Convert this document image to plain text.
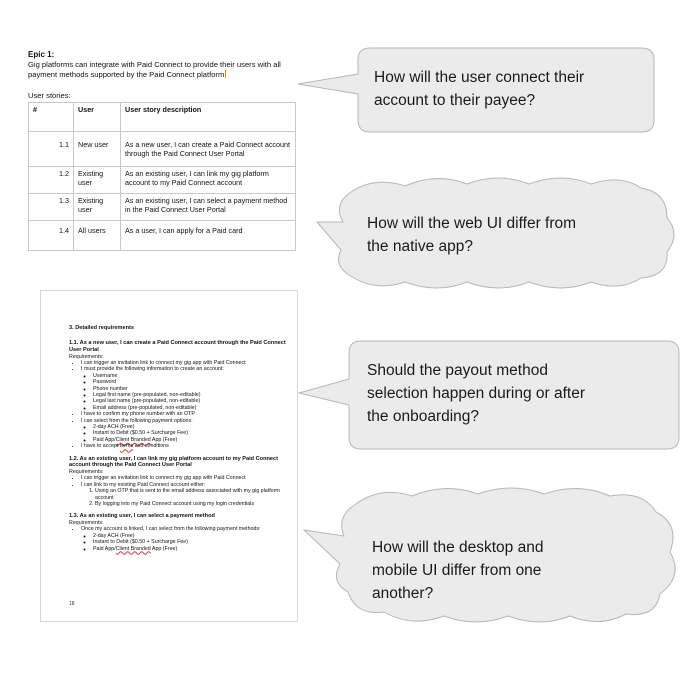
Epic 1:
Gig platforms can integrate with Paid Connect to provide their users with all payment methods supported by the Paid Connect platform
User stories:
#	User	User story description
1.1	New user	As a new user, I can create a Paid Connect account through the Paid Connect User Portal
1.2	Existing user	As an existing user, I can link my gig platform account to my Paid Connect account
1.3	Existing user	As an existing user, I can select a payment method in the Paid Connect User Portal
1.4	All users	As a user, I can apply for a Paid card
3. Detailed requirements
1.1. As a new user, I can create a Paid Connect account through the Paid Connect User Portal
Requirements:
• I can trigger an invitation link to connect my gig app with Paid Connect
• I must provide the following information to create an account:
◦ Username
◦ Password
◦ Phone number
◦ Legal first name (pre-populated, non-editable)
◦ Legal last name (pre-populated, non-editable)
◦ Email address (pre-populated, non-editable)
• I have to confirm my phone number with an OTP
• I can select from the following payment options:
◦ 2-day ACH (Free)
◦ Instant to Debit ($0.50 + Surcharge Fee)
◦ Paid App/Client Branded App (Free)
• I have to accept terms and conditions
1.2. As an existing user, I can link my gig platform account to my Paid Connect account through the Paid Connect User Portal
Requirements:
• I can trigger an invitation link to connect my gig app with Paid Connect
• I can link to my existing Paid Connect account either:
1. Using an OTP that is sent to the email address associated with my gig platform account
2. By logging into my Paid Connect account using my login credentials
1.3. As an existing user, I can select a payment method
Requirements:
• Once my account is linked, I can select from the following payment methods:
◦ 2-day ACH (Free)
◦ Instant to Debit ($0.50 + Surcharge Fee)
◦ Paid App/Client Branded App (Free)
18
How will the user connect their
account to their payee?
How will the web UI differ from
the native app?
Should the payout method
selection happen during or after
the onboarding?
How will the desktop and
mobile UI differ from one
another?
